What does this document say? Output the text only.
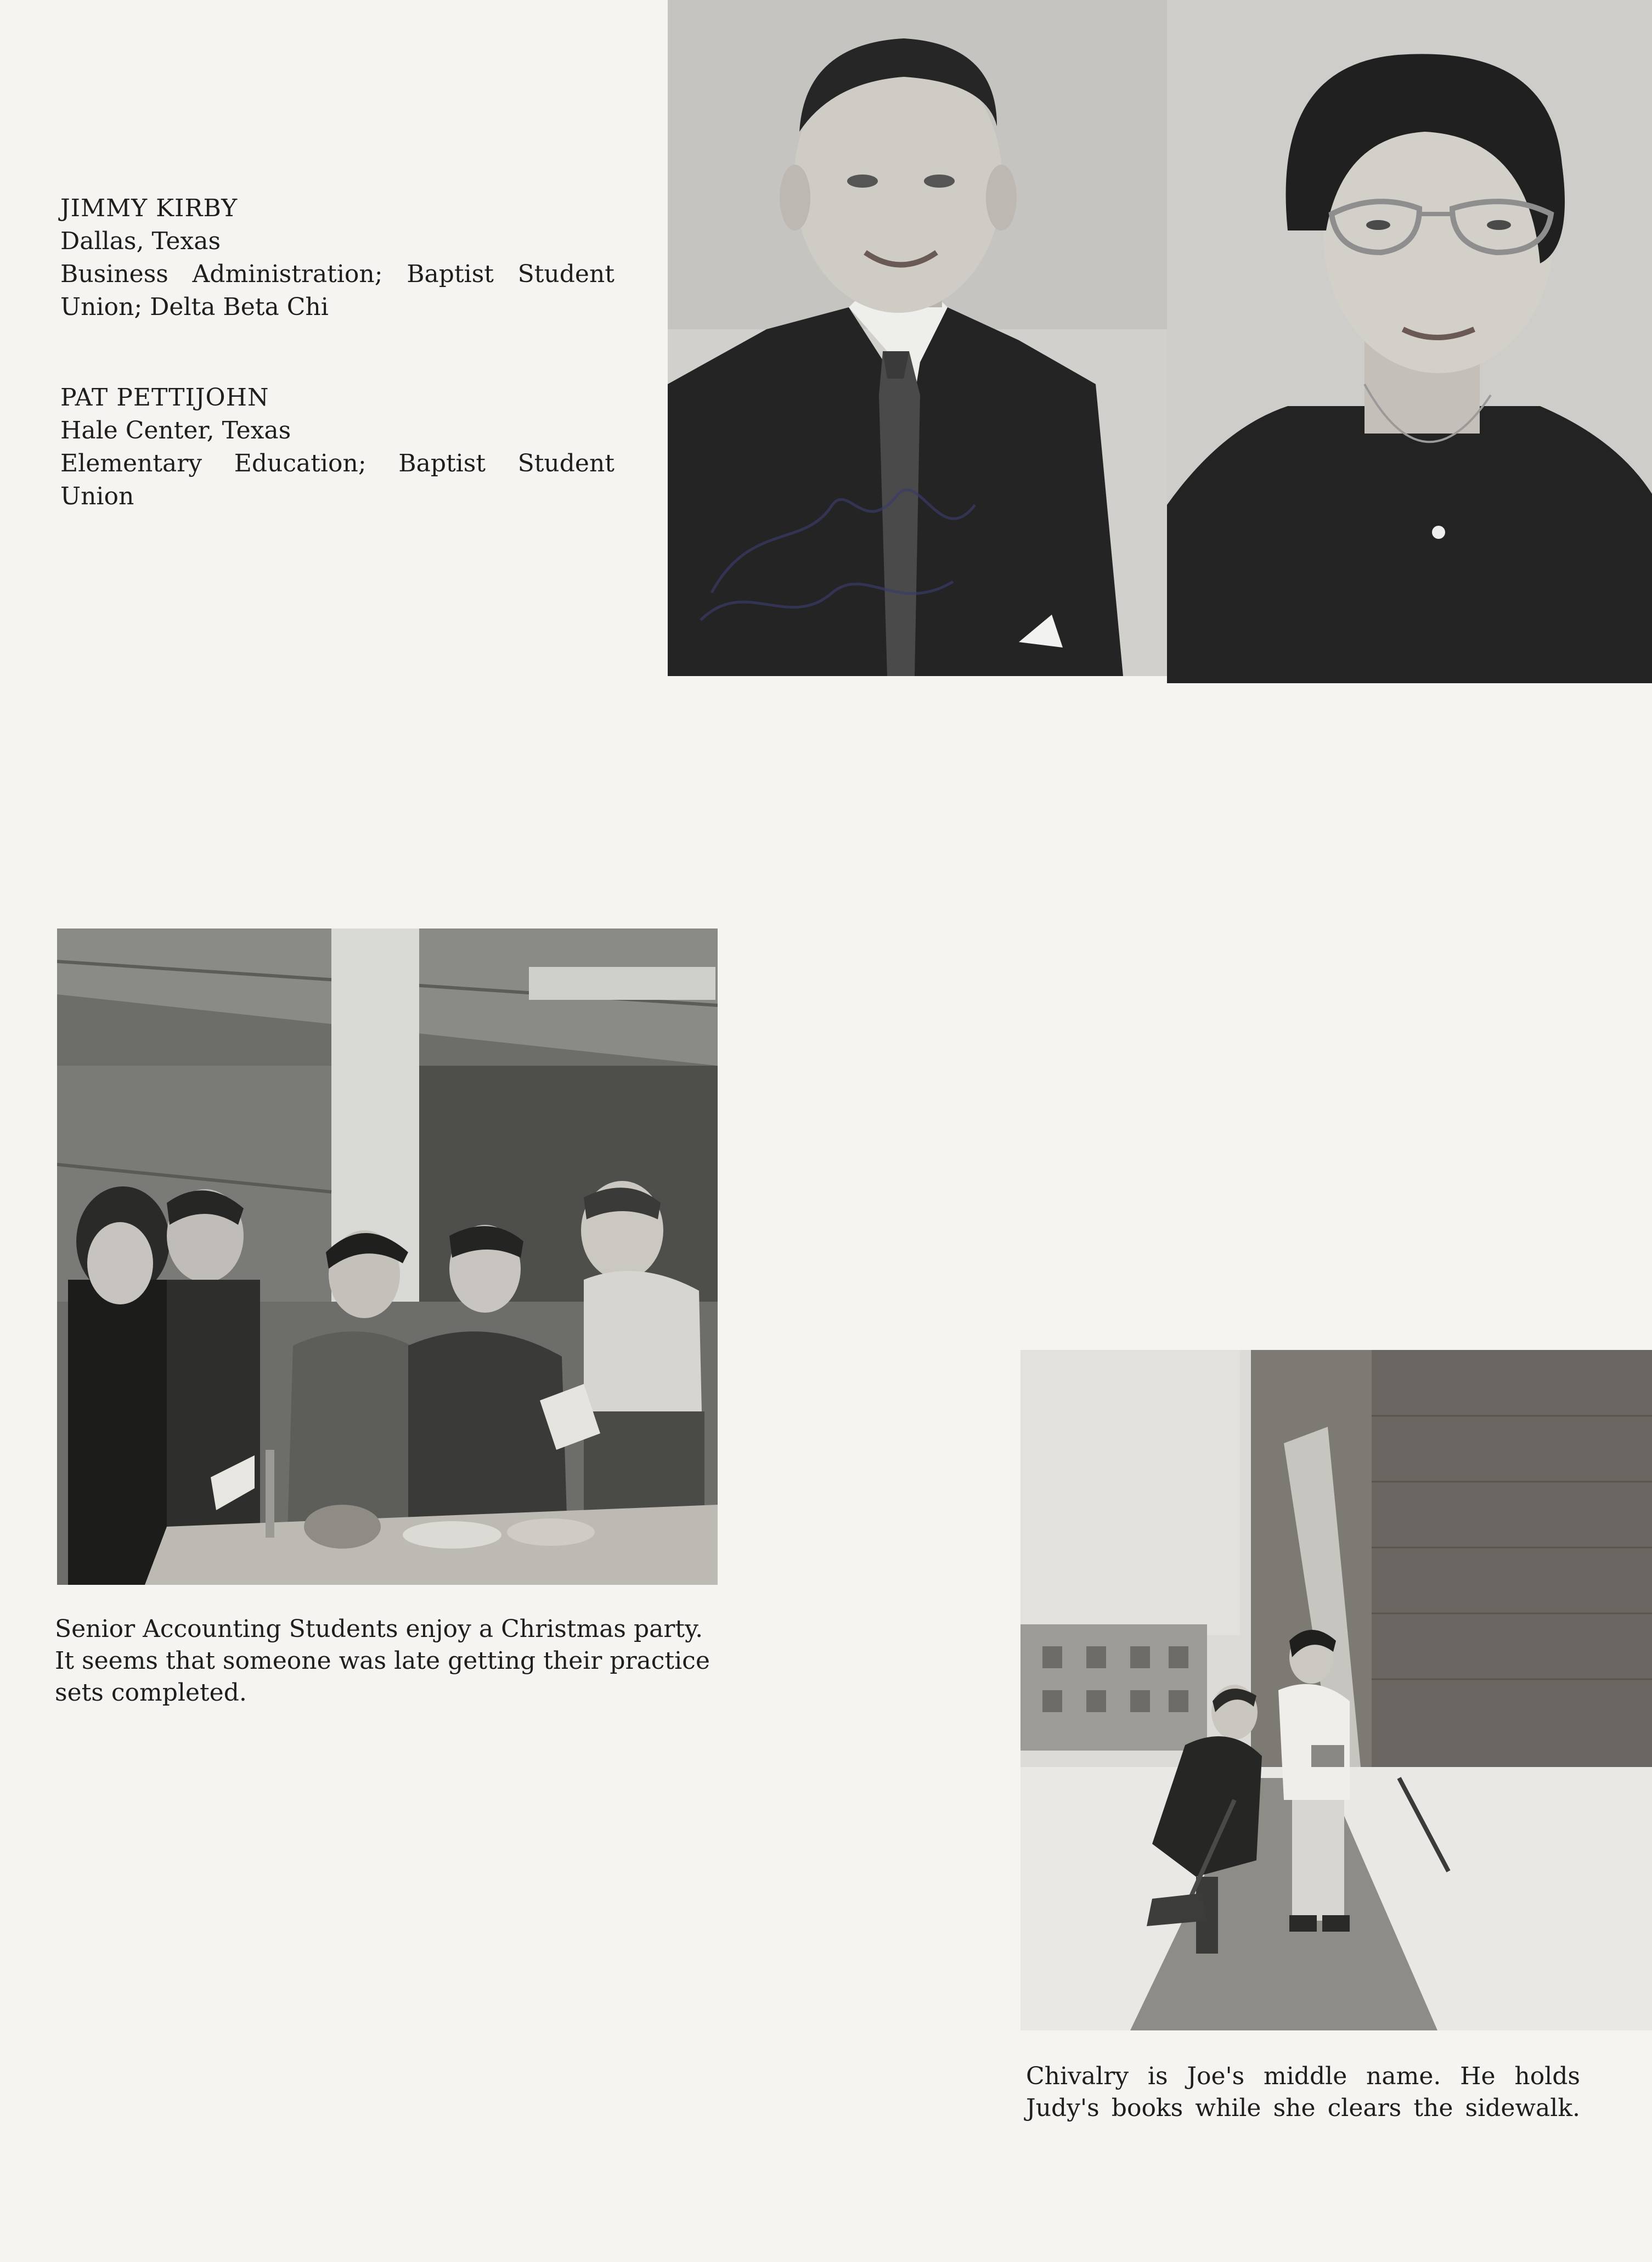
JIMMY KIRBY
Dallas, Texas
Business Administration; Baptist Student Union; Delta Beta Chi
PAT PETTIJOHN
Hale Center, Texas
Elementary Education; Baptist Student Union
Senior Accounting Students enjoy a Christmas party. It seems that someone was late getting their practice sets completed.
Chivalry is Joe's middle name. He holds Judy's books while she clears the sidewalk.
